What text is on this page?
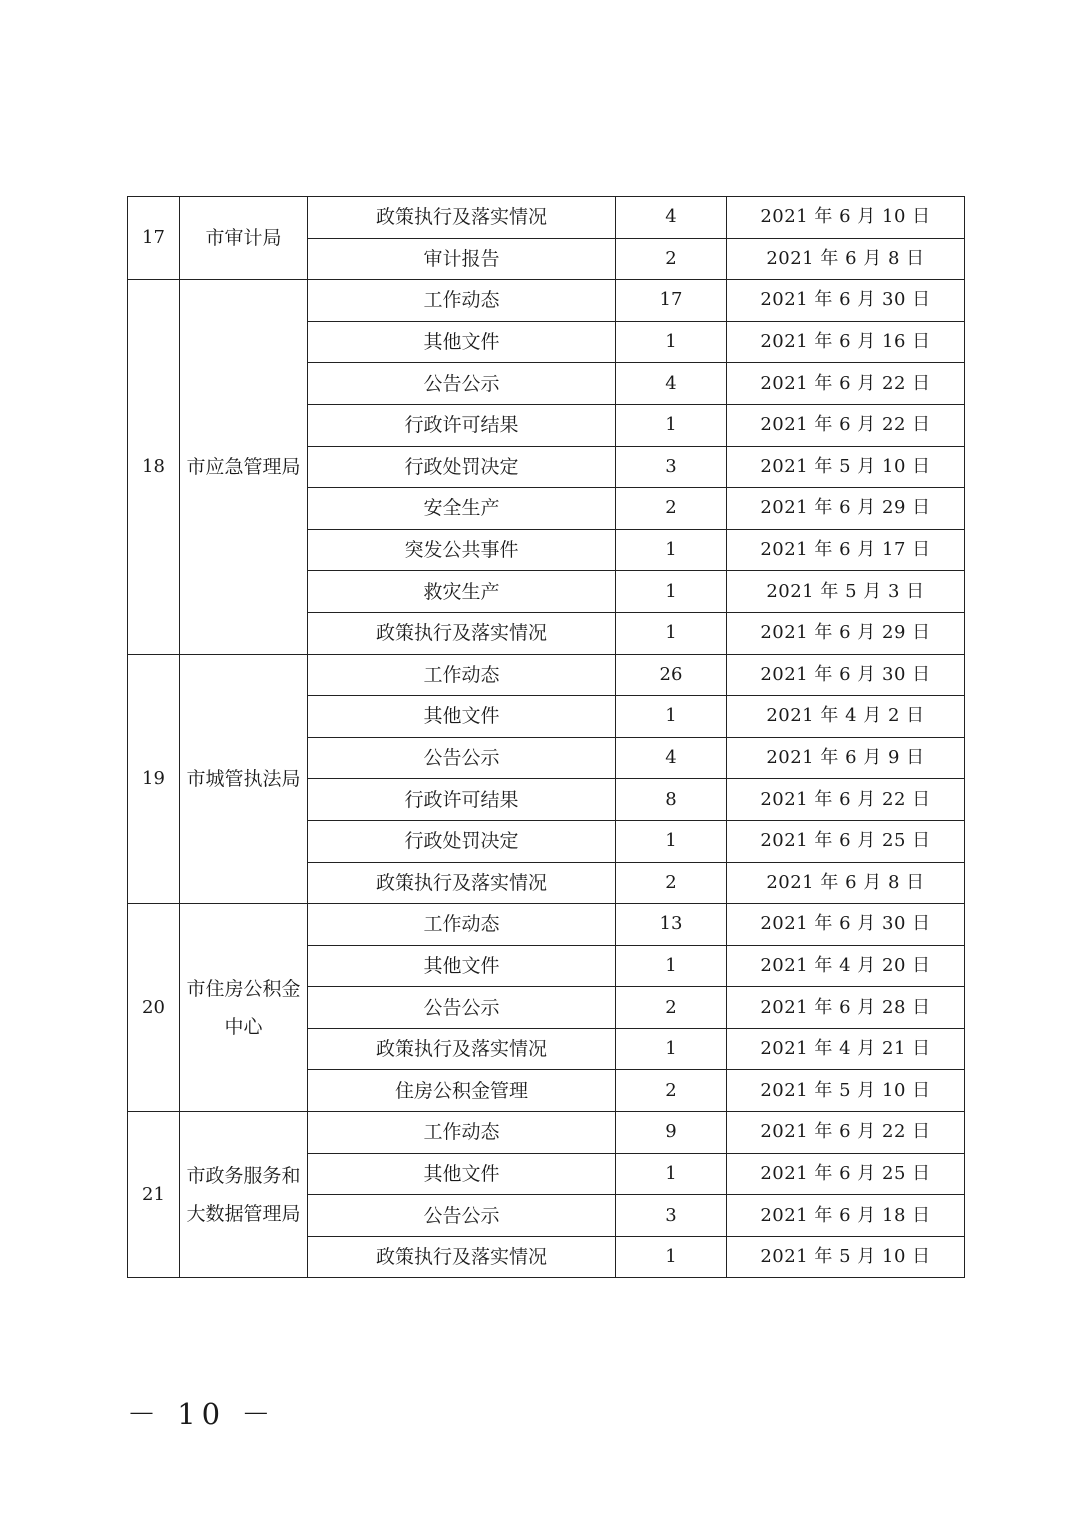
17	市审计局	政策执行及落实情况	4	2021 年 6 月 10 日
		审计报告	2	2021 年 6 月 8 日
18	市应急管理局	工作动态	17	2021 年 6 月 30 日
		其他文件	1	2021 年 6 月 16 日
		公告公示	4	2021 年 6 月 22 日
		行政许可结果	1	2021 年 6 月 22 日
		行政处罚决定	3	2021 年 5 月 10 日
		安全生产	2	2021 年 6 月 29 日
		突发公共事件	1	2021 年 6 月 17 日
		救灾生产	1	2021 年 5 月 3 日
		政策执行及落实情况	1	2021 年 6 月 29 日
19	市城管执法局	工作动态	26	2021 年 6 月 30 日
		其他文件	1	2021 年 4 月 2 日
		公告公示	4	2021 年 6 月 9 日
		行政许可结果	8	2021 年 6 月 22 日
		行政处罚决定	1	2021 年 6 月 25 日
		政策执行及落实情况	2	2021 年 6 月 8 日
20	市住房公积金中心	工作动态	13	2021 年 6 月 30 日
		其他文件	1	2021 年 4 月 20 日
		公告公示	2	2021 年 6 月 28 日
		政策执行及落实情况	1	2021 年 4 月 21 日
		住房公积金管理	2	2021 年 5 月 10 日
21	市政务服务和大数据管理局	工作动态	9	2021 年 6 月 22 日
		其他文件	1	2021 年 6 月 25 日
		公告公示	3	2021 年 6 月 18 日
		政策执行及落实情况	1	2021 年 5 月 10 日
－ 10 －
